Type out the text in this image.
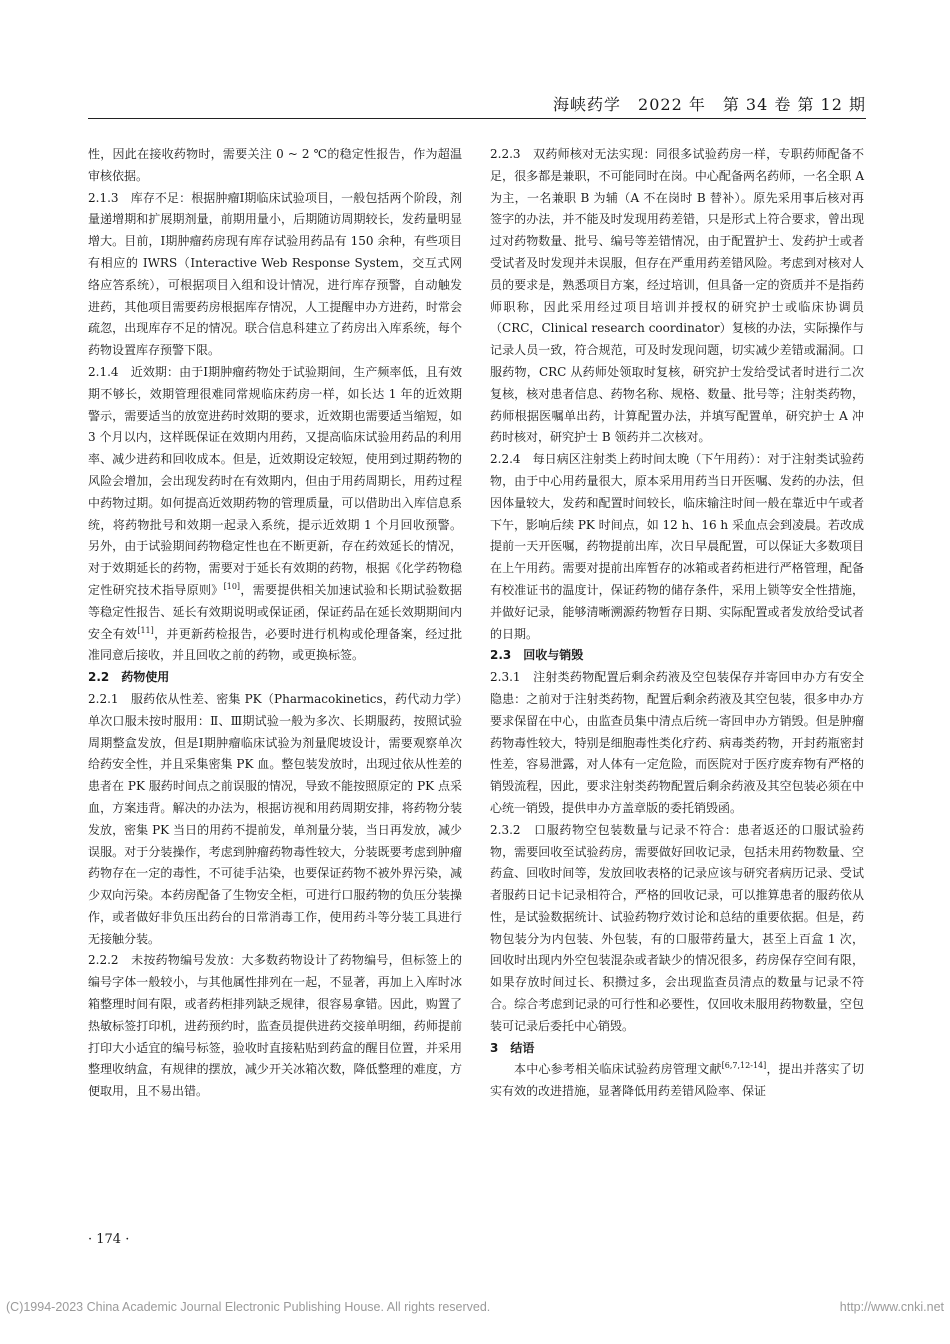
海峡药学　2022 年　第 34 卷 第 12 期

性，因此在接收药物时，需要关注 0 ~ 2 ℃的稳定性报告，作为超温审核依据。

2.1.3　库存不足：根据肿瘤Ⅰ期临床试验项目，一般包括两个阶段，剂量递增期和扩展期剂量，前期用量小，后期随访周期较长，发药量明显增大。目前，Ⅰ期肿瘤药房现有库存试验用药品有 150 余种，有些项目有相应的 IWRS（Interactive Web Response System，交互式网络应答系统），可根据项目入组和设计情况，进行库存预警，自动触发进药，其他项目需要药房根据库存情况，人工提醒申办方进药，时常会疏忽，出现库存不足的情况。联合信息科建立了药房出入库系统，每个药物设置库存预警下限。

2.1.4　近效期：由于Ⅰ期肿瘤药物处于试验期间，生产频率低，且有效期不够长，效期管理很难同常规临床药房一样，如长达 1 年的近效期警示，需要适当的放宽进药时效期的要求，近效期也需要适当缩短，如 3 个月以内，这样既保证在效期内用药，又提高临床试验用药品的利用率、减少进药和回收成本。但是，近效期设定较短，使用到过期药物的风险会增加，会出现发药时在有效期内，但由于用药周期长，用药过程中药物过期。如何提高近效期药物的管理质量，可以借助出入库信息系统，将药物批号和效期一起录入系统，提示近效期 1 个月回收预警。另外，由于试验期间药物稳定性也在不断更新，存在药效延长的情况，对于效期延长的药物，需要对于延长有效期的药物，根据《化学药物稳定性研究技术指导原则》[10]，需要提供相关加速试验和长期试验数据等稳定性报告、延长有效期说明或保证函，保证药品在延长效期期间内安全有效[11]，并更新药检报告，必要时进行机构或伦理备案，经过批准同意后接收，并且回收之前的药物，或更换标签。

2.2　药物使用

2.2.1　服药依从性差、密集 PK（Pharmacokinetics，药代动力学）单次口服未按时服用：Ⅱ、Ⅲ期试验一般为多次、长期服药，按照试验周期整盒发放，但是Ⅰ期肿瘤临床试验为剂量爬坡设计，需要观察单次给药安全性，并且采集密集 PK 血。整包装发放时，出现过依从性差的患者在 PK 服药时间点之前误服的情况，导致不能按照原定的 PK 点采血，方案违背。解决的办法为，根据访视和用药周期安排，将药物分装发放，密集 PK 当日的用药不提前发，单剂量分装，当日再发放，减少误服。对于分装操作，考虑到肿瘤药物毒性较大，分装既要考虑到肿瘤药物存在一定的毒性，不可徒手沾染，也要保证药物不被外界污染，减少双向污染。本药房配备了生物安全柜，可进行口服药物的负压分装操作，或者做好非负压出药台的日常消毒工作，使用药斗等分装工具进行无接触分装。

2.2.2　未按药物编号发放：大多数药物设计了药物编号，但标签上的编号字体一般较小，与其他属性排列在一起，不显著，再加上入库时冰箱整理时间有限，或者药柜排列缺乏规律，很容易拿错。因此，购置了热敏标签打印机，进药预约时，监查员提供进药交接单明细，药师提前打印大小适宜的编号标签，验收时直接粘贴到药盒的醒目位置，并采用整理收纳盒，有规律的摆放，减少开关冰箱次数，降低整理的难度，方便取用，且不易出错。

2.2.3　双药师核对无法实现：同很多试验药房一样，专职药师配备不足，很多都是兼职，不可能同时在岗。中心配备两名药师，一名全职 A 为主，一名兼职 B 为辅（A 不在岗时 B 替补）。原先采用事后核对再签字的办法，并不能及时发现用药差错，只是形式上符合要求，曾出现过对药物数量、批号、编号等差错情况，由于配置护士、发药护士或者受试者及时发现并未误服，但存在严重用药差错风险。考虑到对核对人员的要求是，熟悉项目方案，经过培训，但具备一定的资质并不是指药师职称，因此采用经过项目培训并授权的研究护士或临床协调员（CRC，Clinical research coordinator）复核的办法，实际操作与记录人员一致，符合规范，可及时发现问题，切实减少差错或漏洞。口服药物，CRC 从药师处领取时复核，研究护士发给受试者时进行二次复核，核对患者信息、药物名称、规格、数量、批号等；注射类药物，药师根据医嘱单出药，计算配置办法，并填写配置单，研究护士 A 冲药时核对，研究护士 B 领药并二次核对。

2.2.4　每日病区注射类上药时间太晚（下午用药）：对于注射类试验药物，由于中心用药量很大，原本采用用药当日开医嘱、发药的办法，但因体量较大，发药和配置时间较长，临床输注时间一般在靠近中午或者下午，影响后续 PK 时间点，如 12 h、16 h 采血点会到凌晨。若改成提前一天开医嘱，药物提前出库，次日早晨配置，可以保证大多数项目在上午用药。需要对提前出库暂存的冰箱或者药柜进行严格管理，配备有校准证书的温度计，保证药物的储存条件，采用上锁等安全性措施，并做好记录，能够清晰溯源药物暂存日期、实际配置或者发放给受试者的日期。

2.3　回收与销毁

2.3.1　注射类药物配置后剩余药液及空包装保存并寄回申办方有安全隐患：之前对于注射类药物，配置后剩余药液及其空包装，很多申办方要求保留在中心，由监查员集中清点后统一寄回申办方销毁。但是肿瘤药物毒性较大，特别是细胞毒性类化疗药、病毒类药物，开封药瓶密封性差，容易泄露，对人体有一定危险，而医院对于医疗废弃物有严格的销毁流程，因此，要求注射类药物配置后剩余药液及其空包装必须在中心统一销毁，提供申办方盖章版的委托销毁函。

2.3.2　口服药物空包装数量与记录不符合：患者返还的口服试验药物，需要回收至试验药房，需要做好回收记录，包括未用药物数量、空药盒、回收时间等，发放回收表格的记录应该与研究者病历记录、受试者服药日记卡记录相符合，严格的回收记录，可以推算患者的服药依从性，是试验数据统计、试验药物疗效讨论和总结的重要依据。但是，药物包装分为内包装、外包装，有的口服带药量大，甚至上百盒 1 次，回收时出现内外空包装混杂或者缺少的情况很多，药房保存空间有限，如果存放时间过长、积攒过多，会出现监查员清点的数量与记录不符合。综合考虑到记录的可行性和必要性，仅回收未服用药物数量，空包装可记录后委托中心销毁。

3　结语

本中心参考相关临床试验药房管理文献[6,7,12-14]，提出并落实了切实有效的改进措施，显著降低用药差错风险率、保证

· 174 ·
(C)1994-2023 China Academic Journal Electronic Publishing House. All rights reserved.	http://www.cnki.net
